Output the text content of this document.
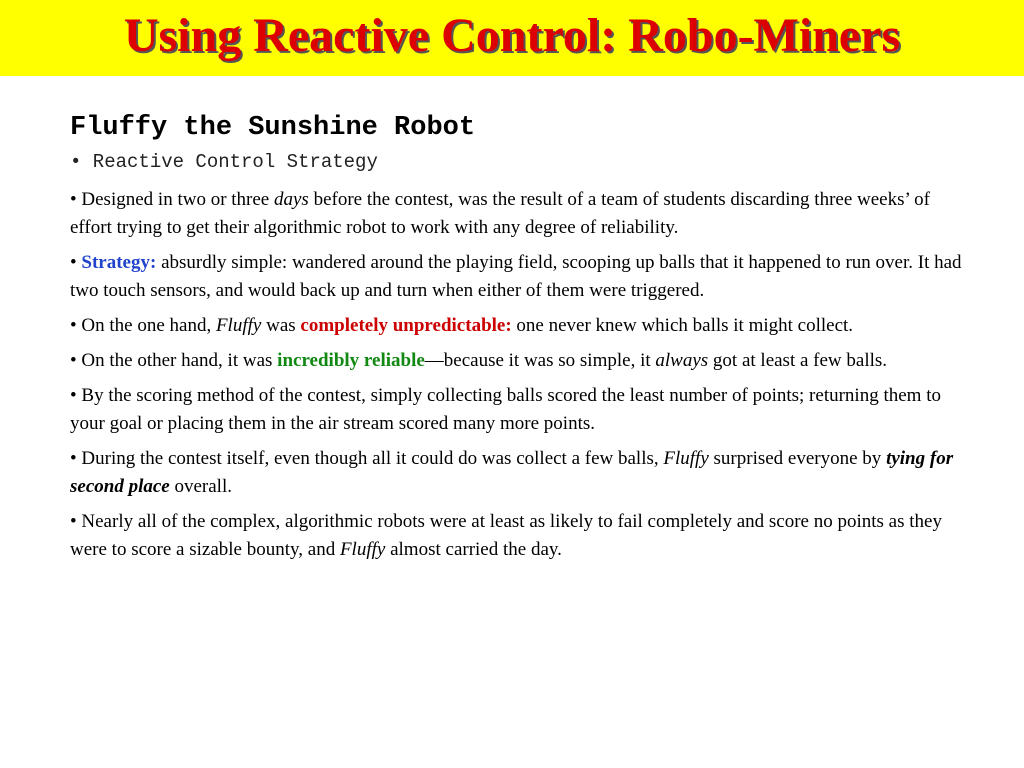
Using Reactive Control: Robo-Miners
Fluffy the Sunshine Robot
• Reactive Control Strategy

• Designed in two or three days before the contest, was the result of a team of students discarding three weeks’ of effort trying to get their algorithmic robot to work with any degree of reliability.

• Strategy: absurdly simple: wandered around the playing field, scooping up balls that it happened to run over. It had two touch sensors, and would back up and turn when either of them were triggered.

• On the one hand, Fluffy was completely unpredictable: one never knew which balls it might collect.

• On the other hand, it was incredibly reliable—because it was so simple, it always got at least a few balls.

• By the scoring method of the contest, simply collecting balls scored the least number of points; returning them to your goal or placing them in the air stream scored many more points.

• During the contest itself, even though all it could do was collect a few balls, Fluffy surprised everyone by tying for second place overall.

• Nearly all of the complex, algorithmic robots were at least as likely to fail completely and score no points as they were to score a sizable bounty, and Fluffy almost carried the day.
